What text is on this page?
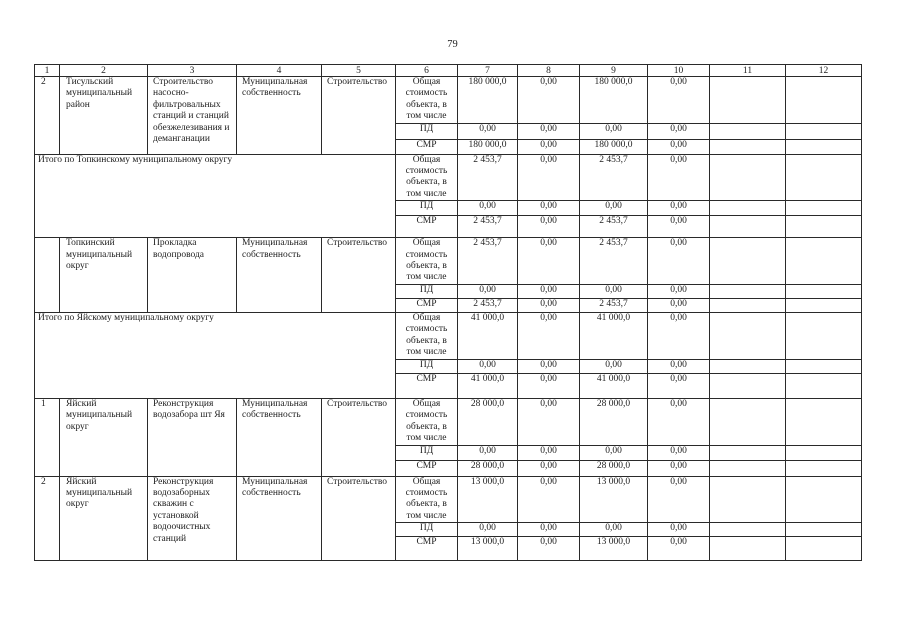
79
1	2	3	4	5	6	7	8	9	10	11	12
2	Тисульский муниципальный район	Строительство насосно-фильтровальных станций и станций обезжелезивания и деманганации	Муниципальная собственность	Строительство	Общая стоимость объекта, в том числе	180 000,0	0,00	180 000,0	0,00		
					ПД	0,00	0,00	0,00	0,00		
					СМР	180 000,0	0,00	180 000,0	0,00		
Итого по Топкинскому муниципальному округу					Общая стоимость объекта, в том числе	2 453,7	0,00	2 453,7	0,00		
					ПД	0,00	0,00	0,00	0,00		
					СМР	2 453,7	0,00	2 453,7	0,00		
	Топкинский муниципальный округ	Прокладка водопровода	Муниципальная собственность	Строительство	Общая стоимость объекта, в том числе	2 453,7	0,00	2 453,7	0,00		
					ПД	0,00	0,00	0,00	0,00		
					СМР	2 453,7	0,00	2 453,7	0,00		
Итого по Яйскому муниципальному округу					Общая стоимость объекта, в том числе	41 000,0	0,00	41 000,0	0,00		
					ПД	0,00	0,00	0,00	0,00		
					СМР	41 000,0	0,00	41 000,0	0,00		
1	Яйский муниципальный округ	Реконструкция водозабора шт Яя	Муниципальная собственность	Строительство	Общая стоимость объекта, в том числе	28 000,0	0,00	28 000,0	0,00		
					ПД	0,00	0,00	0,00	0,00		
					СМР	28 000,0	0,00	28 000,0	0,00		
2	Яйский муниципальный округ	Реконструкция водозаборных скважин с установкой водоочистных станций	Муниципальная собственность	Строительство	Общая стоимость объекта, в том числе	13 000,0	0,00	13 000,0	0,00		
					ПД	0,00	0,00	0,00	0,00		
					СМР	13 000,0	0,00	13 000,0	0,00		
